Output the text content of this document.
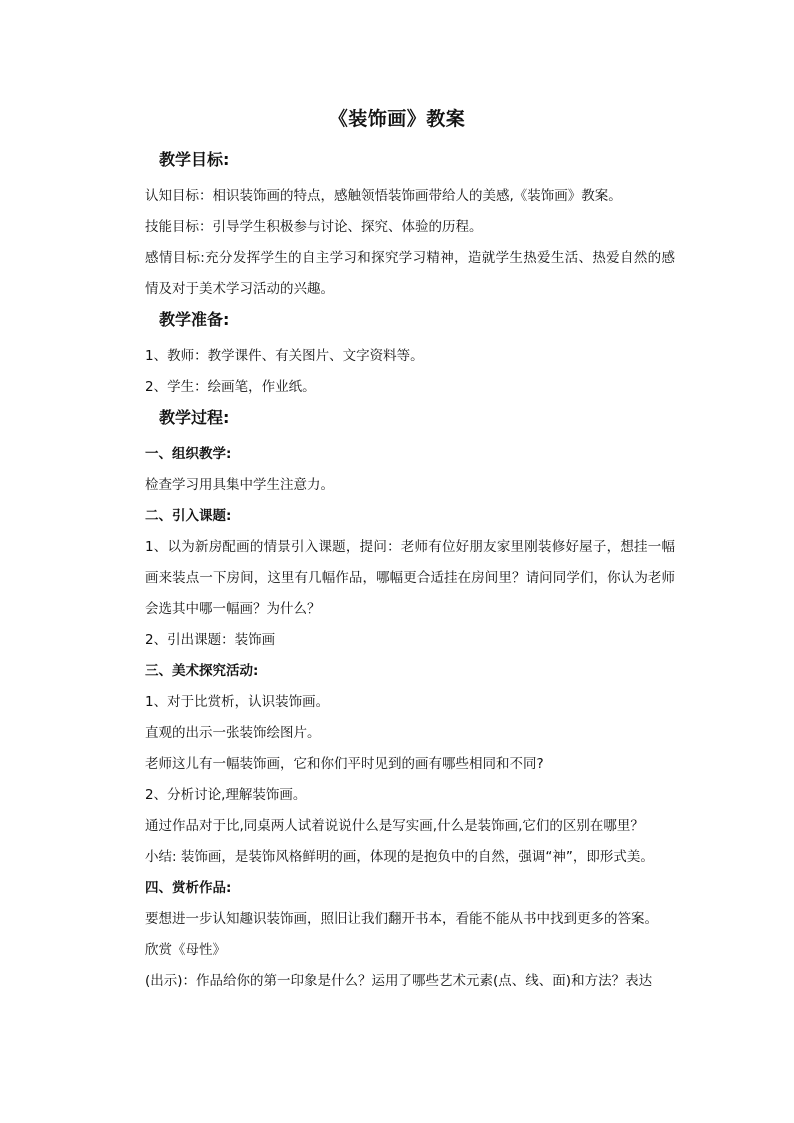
《装饰画》教案
教学目标:
认知目标：相识装饰画的特点，感触领悟装饰画带给人的美感,《装饰画》教案。
技能目标：引导学生积极参与讨论、探究、体验的历程。
感情目标:充分发挥学生的自主学习和探究学习精神，造就学生热爱生活、热爱自然的感情及对于美术学习活动的兴趣。
教学准备:
1、教师：教学课件、有关图片、文字资料等。
2、学生：绘画笔，作业纸。
教学过程:
一、组织教学:
检查学习用具集中学生注意力。
二、引入课题:
1、以为新房配画的情景引入课题，提问：老师有位好朋友家里刚装修好屋子，想挂一幅画来装点一下房间，这里有几幅作品，哪幅更合适挂在房间里？请问同学们，你认为老师会选其中哪一幅画？为什么？
2、引出课题：装饰画
三、美术探究活动:
1、对于比赏析，认识装饰画。
直观的出示一张装饰绘图片。
老师这儿有一幅装饰画，它和你们平时见到的画有哪些相同和不同?
2、分析讨论,理解装饰画。
通过作品对于比,同桌两人试着说说什么是写实画,什么是装饰画,它们的区别在哪里？
小结: 装饰画，是装饰风格鲜明的画，体现的是抱负中的自然，强调“神”，即形式美。
四、赏析作品:
要想进一步认知趣识装饰画，照旧让我们翻开书本，看能不能从书中找到更多的答案。
欣赏《母性》
(出示)：作品给你的第一印象是什么？运用了哪些艺术元素(点、线、面)和方法？表达
